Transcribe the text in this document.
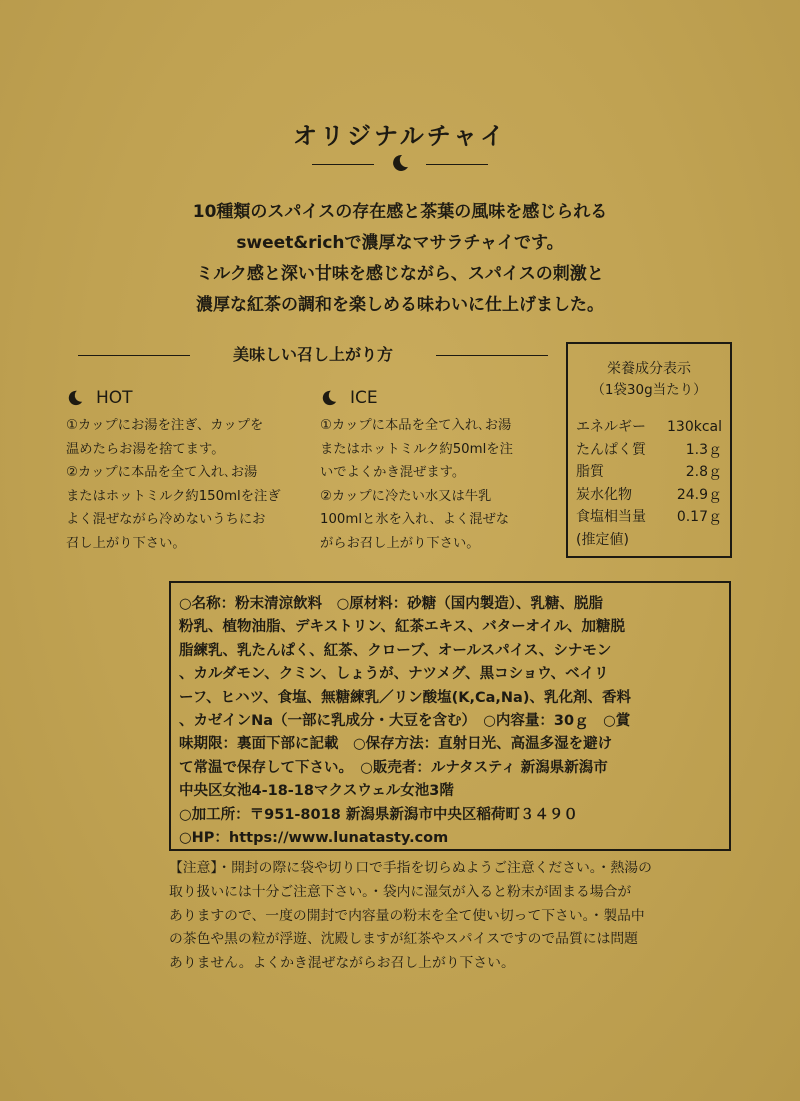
オリジナルチャイ
10種類のスパイスの存在感と茶葉の風味を感じられる
sweet&richで濃厚なマサラチャイです。
ミルク感と深い甘味を感じながら、スパイスの刺激と
濃厚な紅茶の調和を楽しめる味わいに仕上げました。
美味しい召し上がり方
HOT
①カップにお湯を注ぎ、カップを
温めたらお湯を捨てます。
②カップに本品を全て入れ､お湯
またはホットミルク約150mlを注ぎ
よく混ぜながら冷めないうちにお
召し上がり下さい。
ICE
①カップに本品を全て入れ､お湯
またはホットミルク約50mlを注
いでよくかき混ぜます。
②カップに冷たい水又は牛乳
100mlと氷を入れ、よく混ぜな
がらお召し上がり下さい。
栄養成分表示
（1袋30g当たり）
エネルギー 130kcal
たんぱく質	1.3ｇ
脂質	2.8ｇ
炭水化物	24.9ｇ
食塩相当量 0.17ｇ
(推定値)

○名称：粉末清涼飲料　○原材料：砂糖（国内製造）、乳糖、脱脂

粉乳、植物油脂、デキストリン、紅茶エキス、バターオイル、加糖脱

脂練乳、乳たんぱく、紅茶、クローブ、オールスパイス、シナモン

、カルダモン、クミン、しょうが、ナツメグ、黒コショウ、ベイリ

ーフ、ヒハツ、食塩、無糖練乳／リン酸塩(K,Ca,Na)、乳化剤、香料

、カゼインNa（一部に乳成分・大豆を含む）　○内容量：30ｇ　○賞

味期限：裏面下部に記載　○保存方法：直射日光、高温多湿を避け

て常温で保存して下さい。　○販売者：ルナタスティ 新潟県新潟市

中央区女池4-18-18マクスウェル女池3階

○加工所：〒951-8018 新潟県新潟市中央区稲荷町３４９０

○HP：https://www.lunatasty.com

【注意】・開封の際に袋や切り口で手指を切らぬようご注意ください。・熱湯の
取り扱いには十分ご注意下さい。・袋内に湿気が入ると粉末が固まる場合が
ありますので、一度の開封で内容量の粉末を全て使い切って下さい。・製品中
の茶色や黒の粒が浮遊、沈殿しますが紅茶やスパイスですので品質には問題
ありません。よくかき混ぜながらお召し上がり下さい。
